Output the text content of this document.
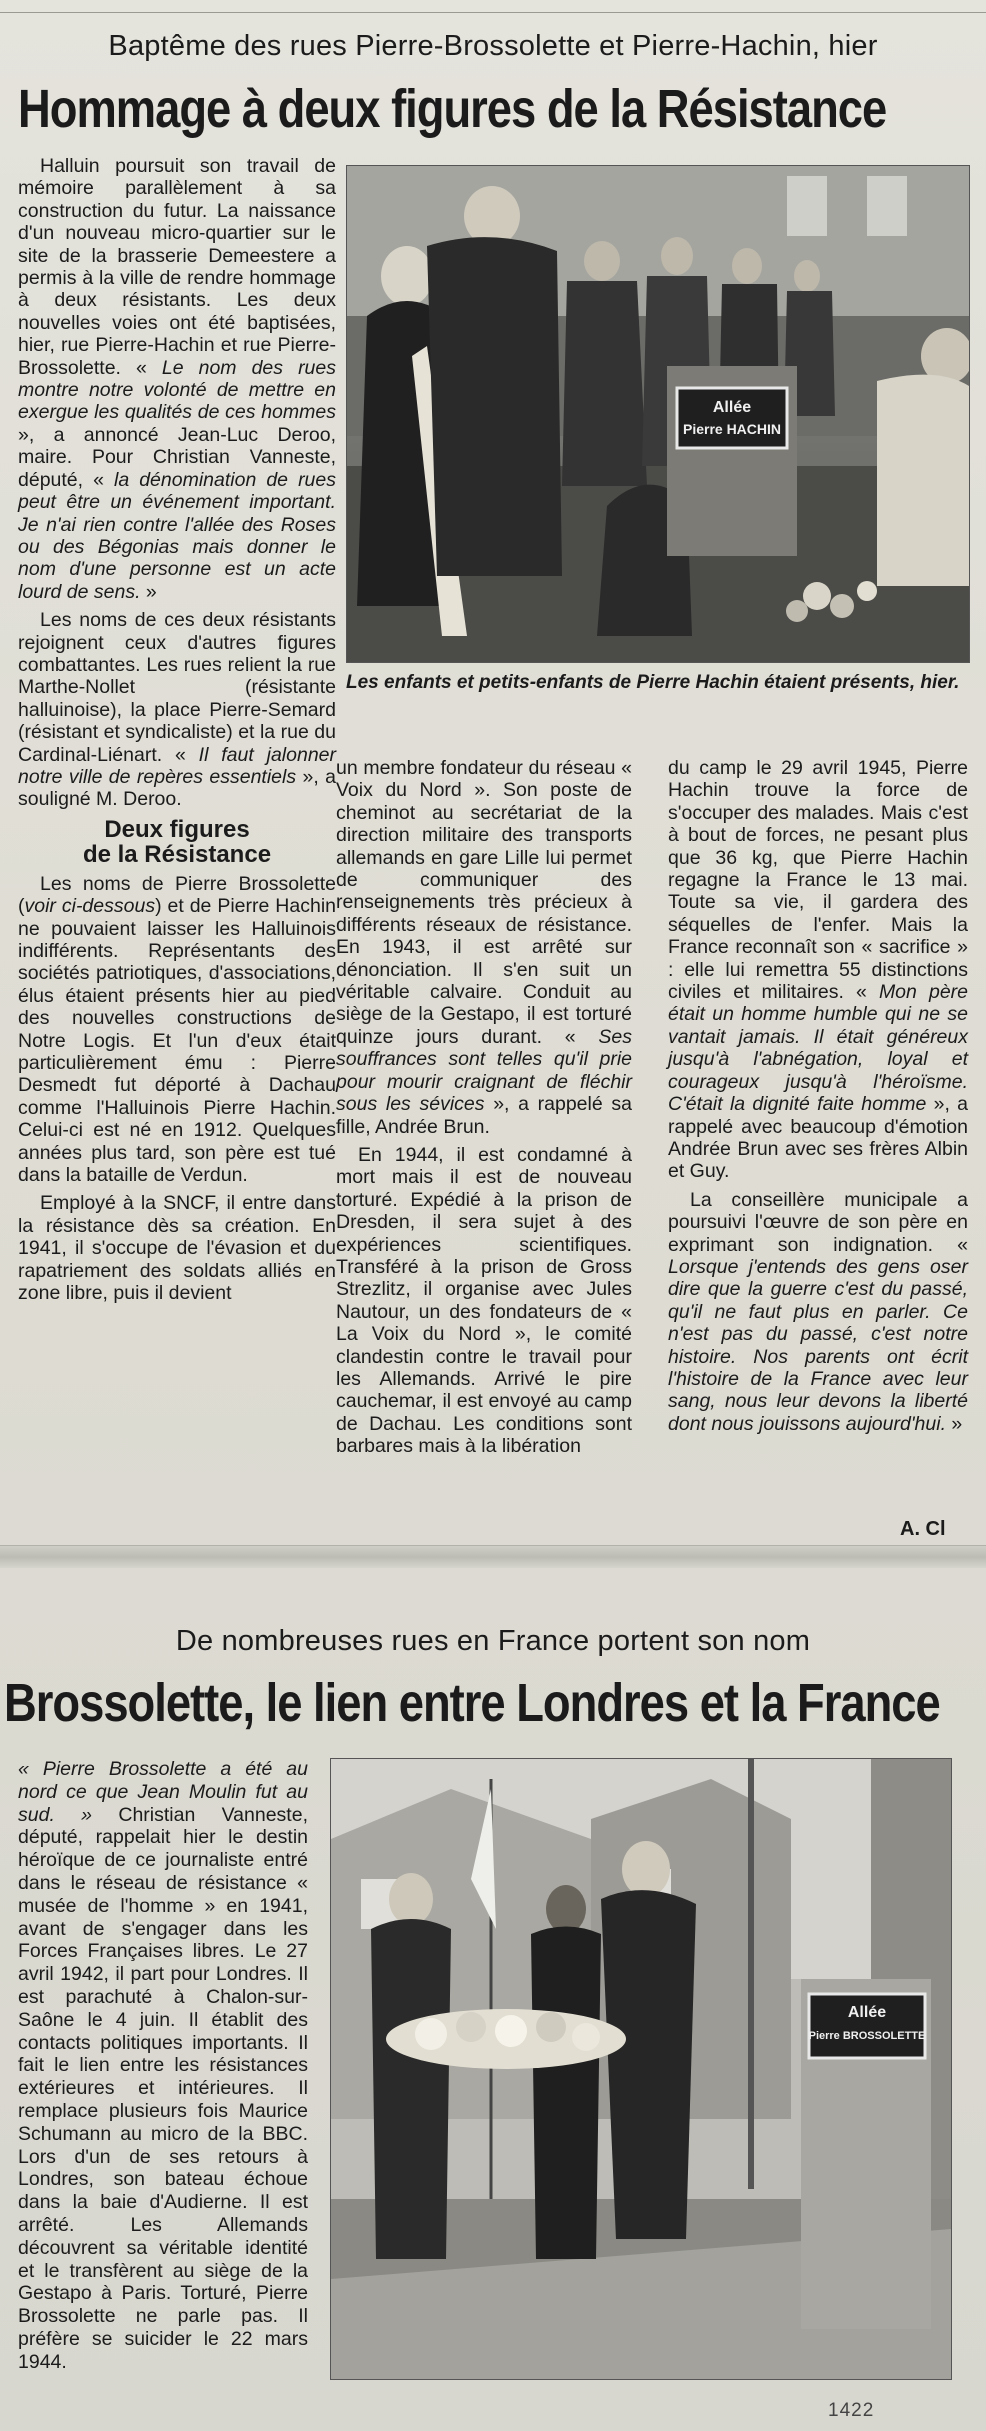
Baptême des rues Pierre-Brossolette et Pierre-Hachin, hier
Hommage à deux figures de la Résistance
Allée
Pierre HACHIN
Les enfants et petits-enfants de Pierre Hachin étaient présents, hier.

Halluin poursuit son travail de mémoire parallèlement à sa construction du futur. La naissance d'un nouveau micro-quartier sur le site de la brasserie Demeestere a permis à la ville de rendre hommage à deux résistants. Les deux nouvelles voies ont été baptisées, hier, rue Pierre-Hachin et rue Pierre-Brossolette. « Le nom des rues montre notre volonté de mettre en exergue les qualités de ces hommes », a annoncé Jean-Luc Deroo, maire. Pour Christian Vanneste, député, « la dénomination de rues peut être un événement important. Je n'ai rien contre l'allée des Roses ou des Bégonias mais donner le nom d'une personne est un acte lourd de sens. »

Les noms de ces deux résistants rejoignent ceux d'autres figures combattantes. Les rues relient la rue Marthe-Nollet (résistante halluinoise), la place Pierre-Semard (résistant et syndicaliste) et la rue du Cardinal-Liénart. « Il faut jalonner notre ville de repères essentiels », a souligné M. Deroo.

Deux figures
de la Résistance

Les noms de Pierre Brossolette (voir ci-dessous) et de Pierre Hachin ne pouvaient laisser les Halluinois indifférents. Représentants des sociétés patriotiques, d'associations, élus étaient présents hier au pied des nouvelles constructions de Notre Logis. Et l'un d'eux était particulièrement ému : Pierre Desmedt fut déporté à Dachau comme l'Halluinois Pierre Hachin. Celui-ci est né en 1912. Quelques années plus tard, son père est tué dans la bataille de Verdun.

Employé à la SNCF, il entre dans la résistance dès sa création. En 1941, il s'occupe de l'évasion et du rapatriement des soldats alliés en zone libre, puis il devient

un membre fondateur du réseau « Voix du Nord ». Son poste de cheminot au secrétariat de la direction militaire des transports allemands en gare Lille lui permet de communiquer des renseignements très précieux à différents réseaux de résistance. En 1943, il est arrêté sur dénonciation. Il s'en suit un véritable calvaire. Conduit au siège de la Gestapo, il est torturé quinze jours durant. « Ses souffrances sont telles qu'il prie pour mourir craignant de fléchir sous les sévices », a rappelé sa fille, Andrée Brun.

En 1944, il est condamné à mort mais il est de nouveau torturé. Expédié à la prison de Dresden, il sera sujet à des expériences scientifiques. Transféré à la prison de Gross Strezlitz, il organise avec Jules Nautour, un des fondateurs de « La Voix du Nord », le comité clandestin contre le travail pour les Allemands. Arrivé le pire cauchemar, il est envoyé au camp de Dachau. Les conditions sont barbares mais à la libération

du camp le 29 avril 1945, Pierre Hachin trouve la force de s'occuper des malades. Mais c'est à bout de forces, ne pesant plus que 36 kg, que Pierre Hachin regagne la France le 13 mai. Toute sa vie, il gardera des séquelles de l'enfer. Mais la France reconnaît son « sacrifice » : elle lui remettra 55 distinctions civiles et militaires. « Mon père était un homme humble qui ne se vantait jamais. Il était généreux jusqu'à l'abnégation, loyal et courageux jusqu'à l'héroïsme. C'était la dignité faite homme », a rappelé avec beaucoup d'émotion Andrée Brun avec ses frères Albin et Guy.

La conseillère municipale a poursuivi l'œuvre de son père en exprimant son indignation. « Lorsque j'entends des gens oser dire que la guerre c'est du passé, qu'il ne faut plus en parler. Ce n'est pas du passé, c'est notre histoire. Nos parents ont écrit l'histoire de la France avec leur sang, nous leur devons la liberté dont nous jouissons aujourd'hui. »

A. Cl
De nombreuses rues en France portent son nom
Brossolette, le lien entre Londres et la France

« Pierre Brossolette a été au nord ce que Jean Moulin fut au sud. » Christian Vanneste, député, rappelait hier le destin héroïque de ce journaliste entré dans le réseau de résistance « musée de l'homme » en 1941, avant de s'engager dans les Forces Françaises libres. Le 27 avril 1942, il part pour Londres. Il est parachuté à Chalon-sur-Saône le 4 juin. Il établit des contacts politiques importants. Il fait le lien entre les résistances extérieures et intérieures. Il remplace plusieurs fois Maurice Schumann au micro de la BBC. Lors d'un de ses retours à Londres, son bateau échoue dans la baie d'Audierne. Il est arrêté. Les Allemands découvrent sa véritable identité et le transfèrent au siège de la Gestapo à Paris. Torturé, Pierre Brossolette ne parle pas. Il préfère se suicider le 22 mars 1944.

Allée
Pierre BROSSOLETTE
1422
